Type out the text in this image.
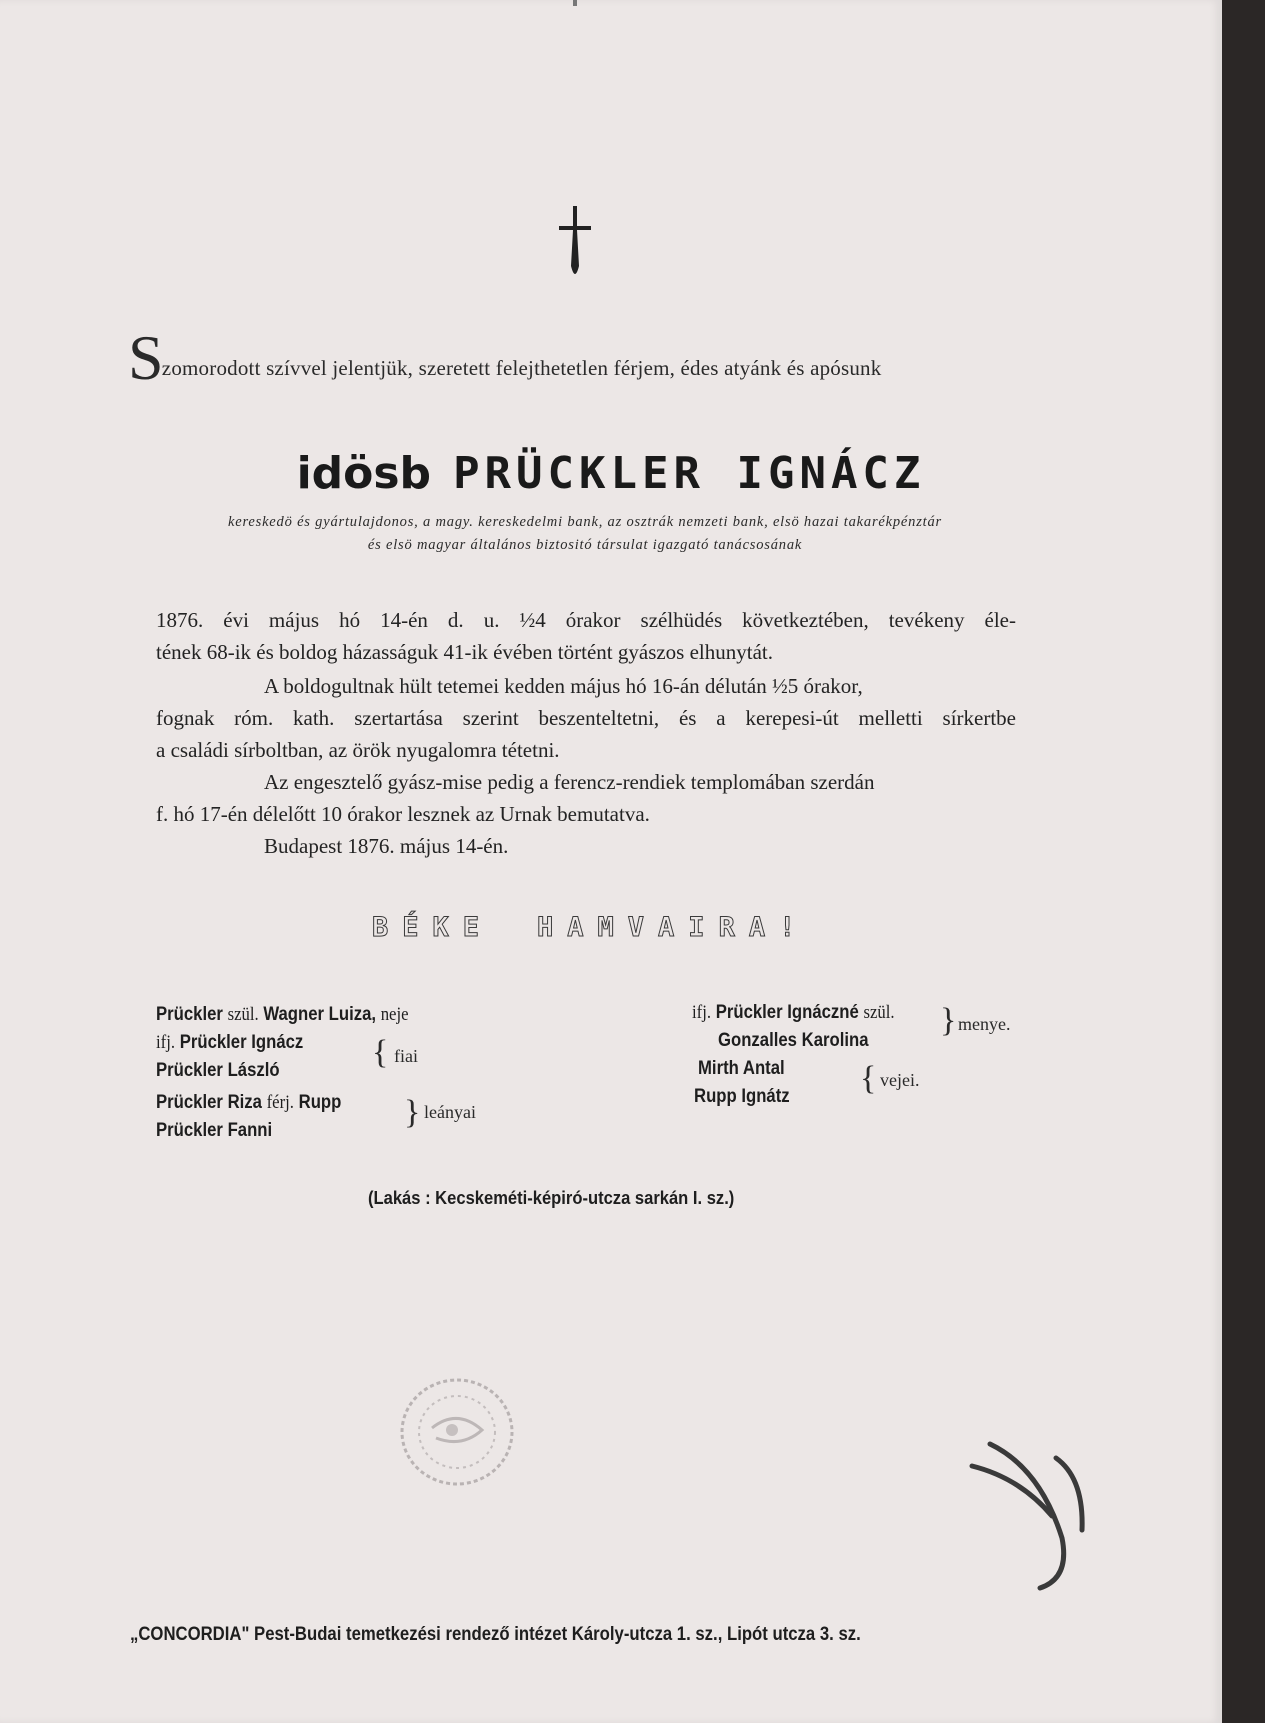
Szomorodott szívvel jelentjük, szeretett felejthetetlen férjem, édes atyánk és apósunk
idösb PRÜCKLER IGNÁCZ
kereskedö és gyártulajdonos, a magy. kereskedelmi bank, az osztrák nemzeti bank, elsö hazai takarékpénztár
és elsö magyar általános biztositó társulat igazgató tanácsosának
1876. évi május hó 14-én d. u. ½4 órakor szélhüdés következtében, tevékeny éle-
tének 68-ik és boldog házasságuk 41-ik évében történt gyászos elhunytát.
A boldogultnak hült tetemei kedden május hó 16-án délután ½5 órakor,
fognak róm. kath. szertartása szerint beszenteltetni, és a kerepesi-út melletti sírkertbe
a családi sírboltban, az örök nyugalomra tétetni.
Az engesztelő gyász-mise pedig a ferencz-rendiek templomában szerdán
f. hó 17-én délelőtt 10 órakor lesznek az Urnak bemutatva.
Budapest 1876. május 14-én.
BÉKE HAMVAIRA!
Prückler szül. Wagner Luiza, neje
ifj. Prückler Ignácz
Prückler László	{ fiai
Prückler Riza férj. Rupp
Prückler Fanni	} leányai
ifj. Prückler Ignáczné szül.
Gonzalles Karolina
} menye.
Mirth Antal
Rupp Ignátz { vejei.
(Lakás : Kecskeméti-képiró-utcza sarkán I. sz.)
„CONCORDIA" Pest-Budai temetkezési rendező intézet Károly-utcza 1. sz., Lipót utcza 3. sz.
